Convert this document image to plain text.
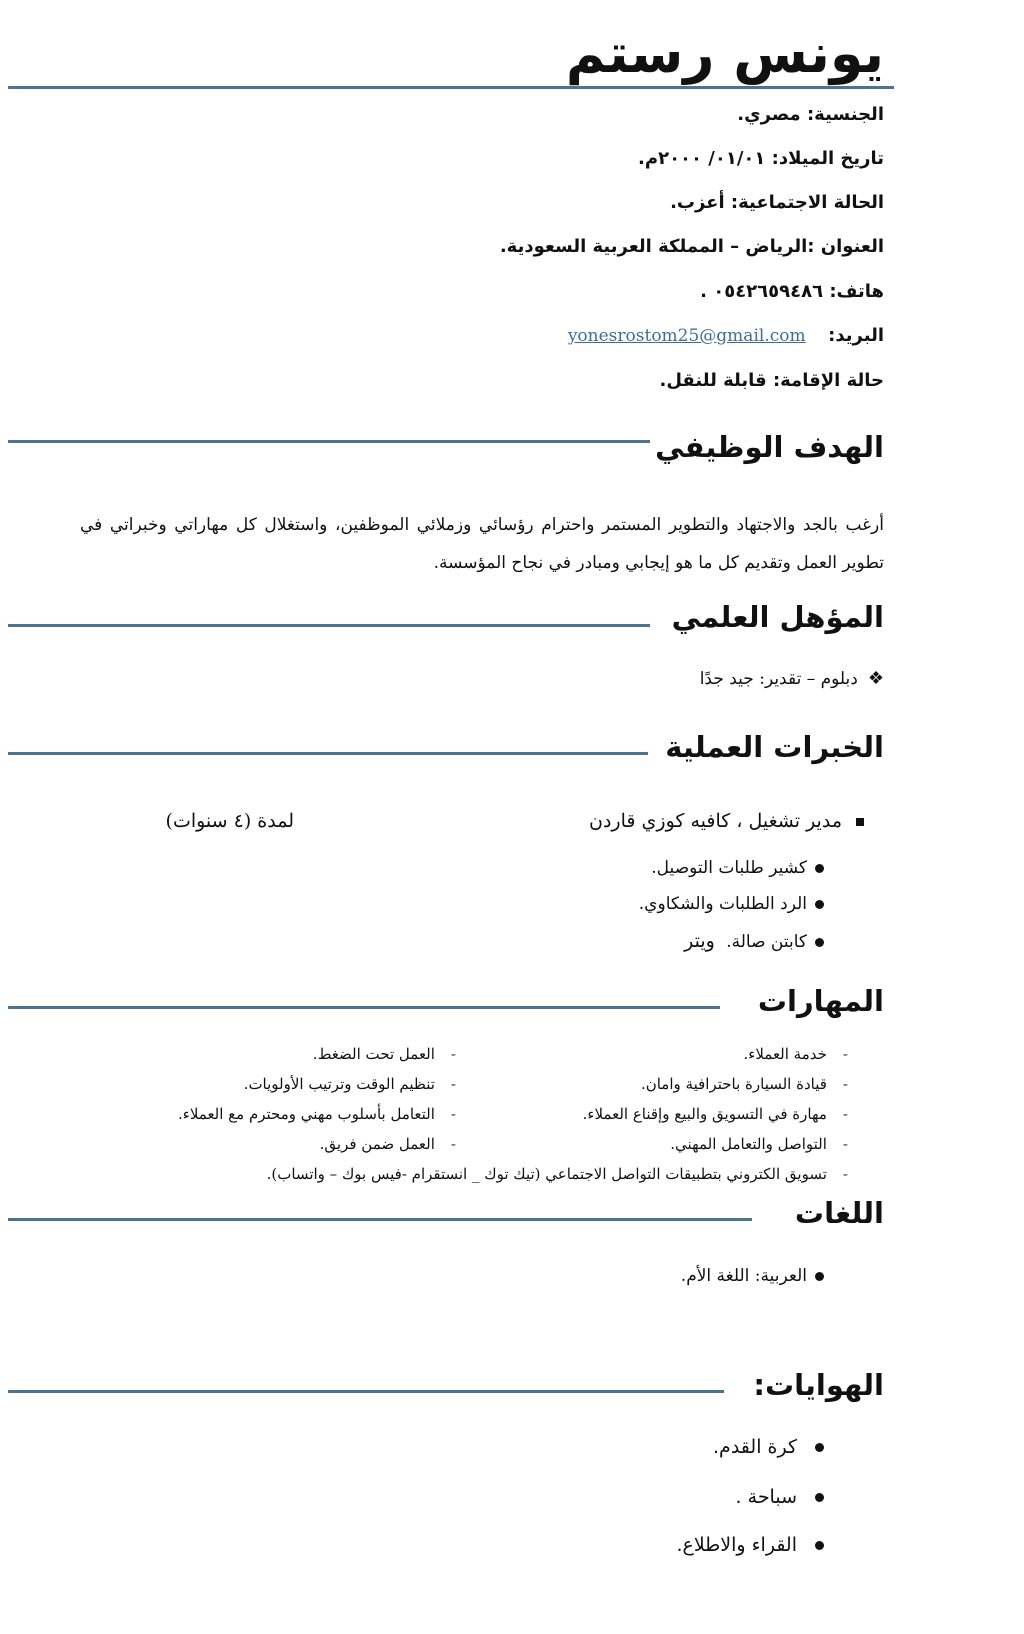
يونس رستم
الجنسية: مصري.
تاريخ الميلاد: ٠١/٠١/ ٢٠٠٠م.
الحالة الاجتماعية: أعزب.
العنوان :الرياض – المملكة العربية السعودية.
هاتف: ٠٥٤٢٦٥٩٤٨٦ .
البريد:  yonesrostom25@gmail.com
حالة الإقامة: قابلة للنقل.
الهدف الوظيفي
أرغب بالجد والاجتهاد والتطوير المستمر واحترام رؤسائي وزملائي الموظفين، واستغلال كل مهاراتي وخبراتي في تطوير العمل وتقديم كل ما هو إيجابي ومبادر في نجاح المؤسسة.
المؤهل العلمي
❖دبلوم – تقدير: جيد جدًا
الخبرات العملية
مدير تشغيل ، كافيه كوزي قاردن
لمدة (٤ سنوات)
كشير طلبات التوصيل.
الرد الطلبات والشكاوي.
كابتن صالة. ويتر
المهارات
-خدمة العملاء.
-قيادة السيارة باحترافية وامان.
-مهارة في التسويق والبيع وإقناع العملاء.
-التواصل والتعامل المهني.
-العمل تحت الضغط.
-تنظيم الوقت وترتيب الأولويات.
-التعامل بأسلوب مهني ومحترم مع العملاء.
-العمل ضمن فريق.
-تسويق الكتروني بتطبيقات التواصل الاجتماعي (تيك توك _ انستقرام -فيس بوك – واتساب).
اللغات
العربية: اللغة الأم.
الهوايات:
كرة القدم.
سباحة .
القراء والاطلاع.
